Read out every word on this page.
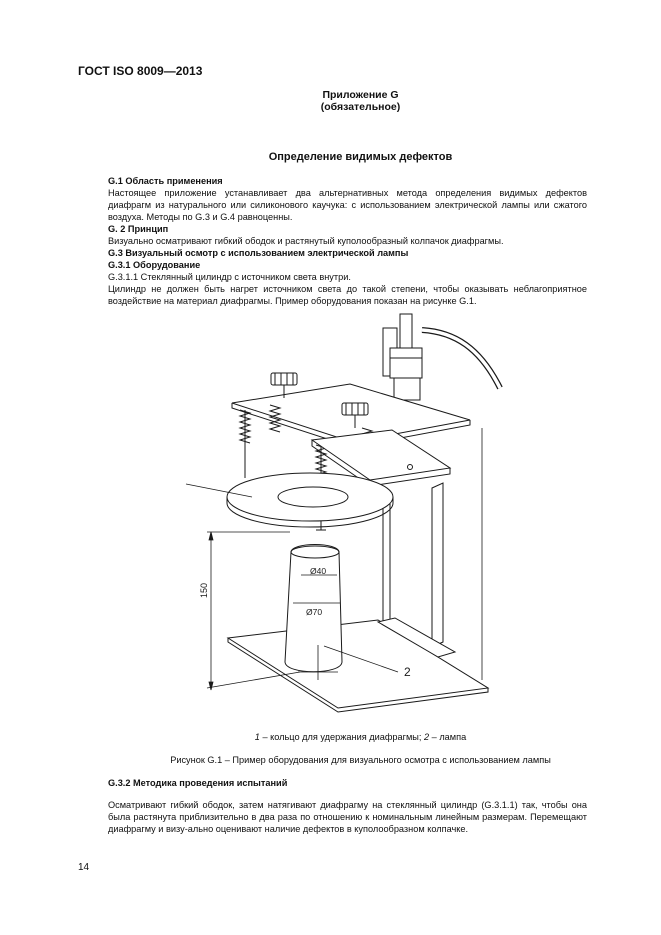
ГОСТ ISO 8009—2013
Приложение G
(обязательное)
Определение видимых дефектов
G.1 Область применения
Настоящее приложение устанавливает два альтернативных метода определения видимых дефектов диафрагм из натурального или силиконового каучука: с использованием электрической лампы или сжатого воздуха. Методы по G.3 и G.4 равноценны.
G. 2 Принцип
Визуально осматривают гибкий ободок и растянутый куполообразный колпачок диафрагмы.
G.3 Визуальный осмотр с использованием электрической лампы
G.3.1 Оборудование
G.3.1.1 Стеклянный цилиндр с источником света внутри.
Цилиндр не должен быть нагрет источником света до такой степени, чтобы оказывать неблагоприятное воздействие на материал диафрагмы. Пример оборудования показан на рисунке G.1.
150
Ø40
Ø70
2
1 – кольцо для удержания диафрагмы; 2 – лампа
Рисунок G.1 – Пример оборудования для визуального осмотра с использованием лампы
G.3.2 Методика проведения испытаний
Осматривают гибкий ободок, затем натягивают диафрагму на стеклянный цилиндр (G.3.1.1) так, чтобы она была растянута приблизительно в два раза по отношению к номинальным линейным размерам. Перемещают диафрагму и визу-ально оценивают наличие дефектов в куполообразном колпачке.
14
